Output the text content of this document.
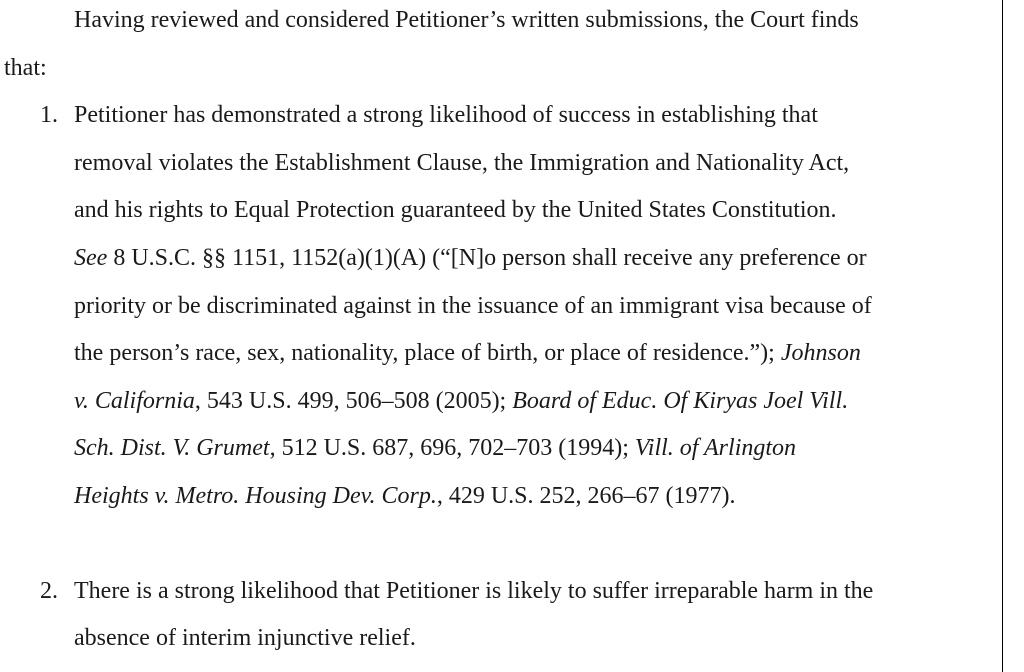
Having reviewed and considered Petitioner’s written submissions, the Court finds
that:
1. Petitioner has demonstrated a strong likelihood of success in establishing that
removal violates the Establishment Clause, the Immigration and Nationality Act,
and his rights to Equal Protection guaranteed by the United States Constitution.
See 8 U.S.C. §§ 1151, 1152(a)(1)(A) (“[N]o person shall receive any preference or
priority or be discriminated against in the issuance of an immigrant visa because of
the person’s race, sex, nationality, place of birth, or place of residence.”); Johnson
v. California, 543 U.S. 499, 506–508 (2005); Board of Educ. Of Kiryas Joel Vill.
Sch. Dist. V. Grumet, 512 U.S. 687, 696, 702–703 (1994); Vill. of Arlington
Heights v. Metro. Housing Dev. Corp., 429 U.S. 252, 266–67 (1977).
2. There is a strong likelihood that Petitioner is likely to suffer irreparable harm in the
absence of interim injunctive relief.
